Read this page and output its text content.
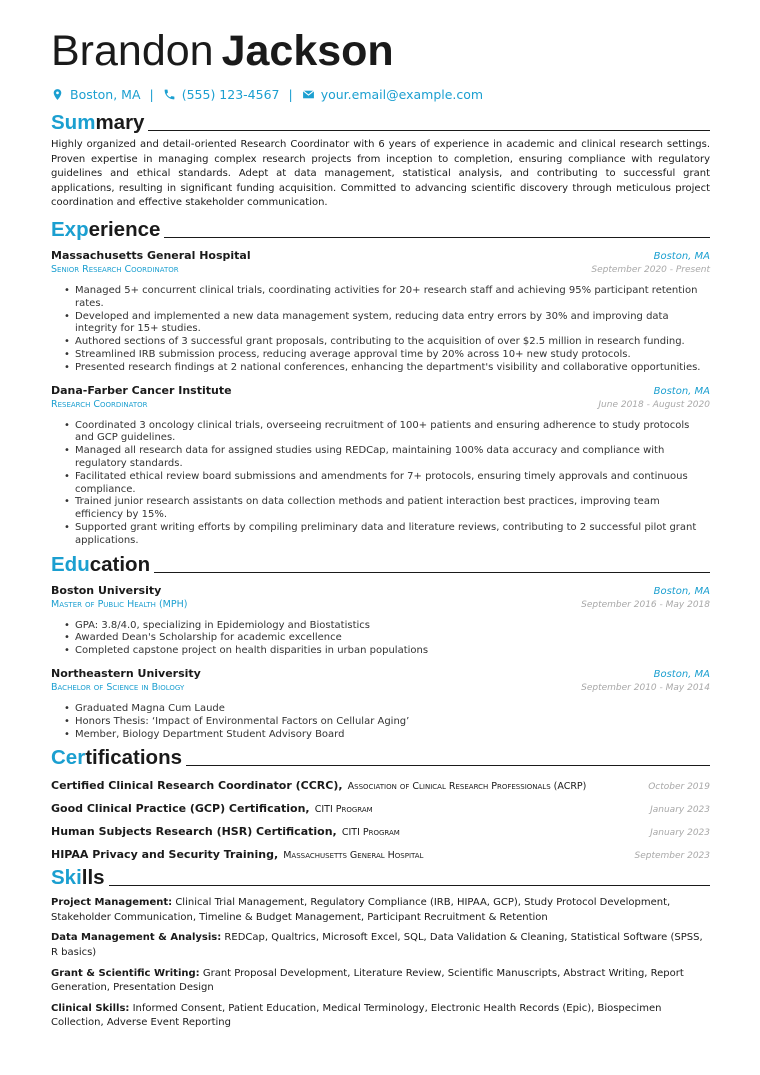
Brandon Jackson
Boston, MA | (555) 123-4567 | your.email@example.com
Summary

Highly organized and detail-oriented Research Coordinator with 6 years of experience in academic and clinical research settings. Proven expertise in managing complex research projects from inception to completion, ensuring compliance with regulatory guidelines and ethical standards. Adept at data management, statistical analysis, and contributing to successful grant applications, resulting in significant funding acquisition. Committed to advancing scientific discovery through meticulous project coordination and effective stakeholder communication.

Experience
Massachusetts General Hospital	Boston, MA
Senior Research Coordinator	September 2020 - Present
• Managed 5+ concurrent clinical trials, coordinating activities for 20+ research staff and achieving 95% participant retention rates.
• Developed and implemented a new data management system, reducing data entry errors by 30% and improving data integrity for 15+ studies.
• Authored sections of 3 successful grant proposals, contributing to the acquisition of over $2.5 million in research funding.
• Streamlined IRB submission process, reducing average approval time by 20% across 10+ new study protocols.
• Presented research findings at 2 national conferences, enhancing the department's visibility and collaborative opportunities.
Dana-Farber Cancer Institute	Boston, MA
Research Coordinator	June 2018 - August 2020
• Coordinated 3 oncology clinical trials, overseeing recruitment of 100+ patients and ensuring adherence to study protocols and GCP guidelines.
• Managed all research data for assigned studies using REDCap, maintaining 100% data accuracy and compliance with regulatory standards.
• Facilitated ethical review board submissions and amendments for 7+ protocols, ensuring timely approvals and continuous compliance.
• Trained junior research assistants on data collection methods and patient interaction best practices, improving team efficiency by 15%.
• Supported grant writing efforts by compiling preliminary data and literature reviews, contributing to 2 successful pilot grant applications.
Education
Boston University	Boston, MA
Master of Public Health (MPH)	September 2016 - May 2018
• GPA: 3.8/4.0, specializing in Epidemiology and Biostatistics
• Awarded Dean's Scholarship for academic excellence
• Completed capstone project on health disparities in urban populations
Northeastern University	Boston, MA
Bachelor of Science in Biology	September 2010 - May 2014
• Graduated Magna Cum Laude
• Honors Thesis: ‘Impact of Environmental Factors on Cellular Aging’
• Member, Biology Department Student Advisory Board
Certifications
Certified Clinical Research Coordinator (CCRC), Association of Clinical Research Professionals (ACRP)	October 2019
Good Clinical Practice (GCP) Certification, CITI Program	January 2023
Human Subjects Research (HSR) Certification, CITI Program	January 2023
HIPAA Privacy and Security Training, Massachusetts General Hospital	September 2023
Skills

Project Management: Clinical Trial Management, Regulatory Compliance (IRB, HIPAA, GCP), Study Protocol Development, Stakeholder Communication, Timeline & Budget Management, Participant Recruitment & Retention

Data Management & Analysis: REDCap, Qualtrics, Microsoft Excel, SQL, Data Validation & Cleaning, Statistical Software (SPSS, R basics)

Grant & Scientific Writing: Grant Proposal Development, Literature Review, Scientific Manuscripts, Abstract Writing, Report Generation, Presentation Design

Clinical Skills: Informed Consent, Patient Education, Medical Terminology, Electronic Health Records (Epic), Biospecimen Collection, Adverse Event Reporting
